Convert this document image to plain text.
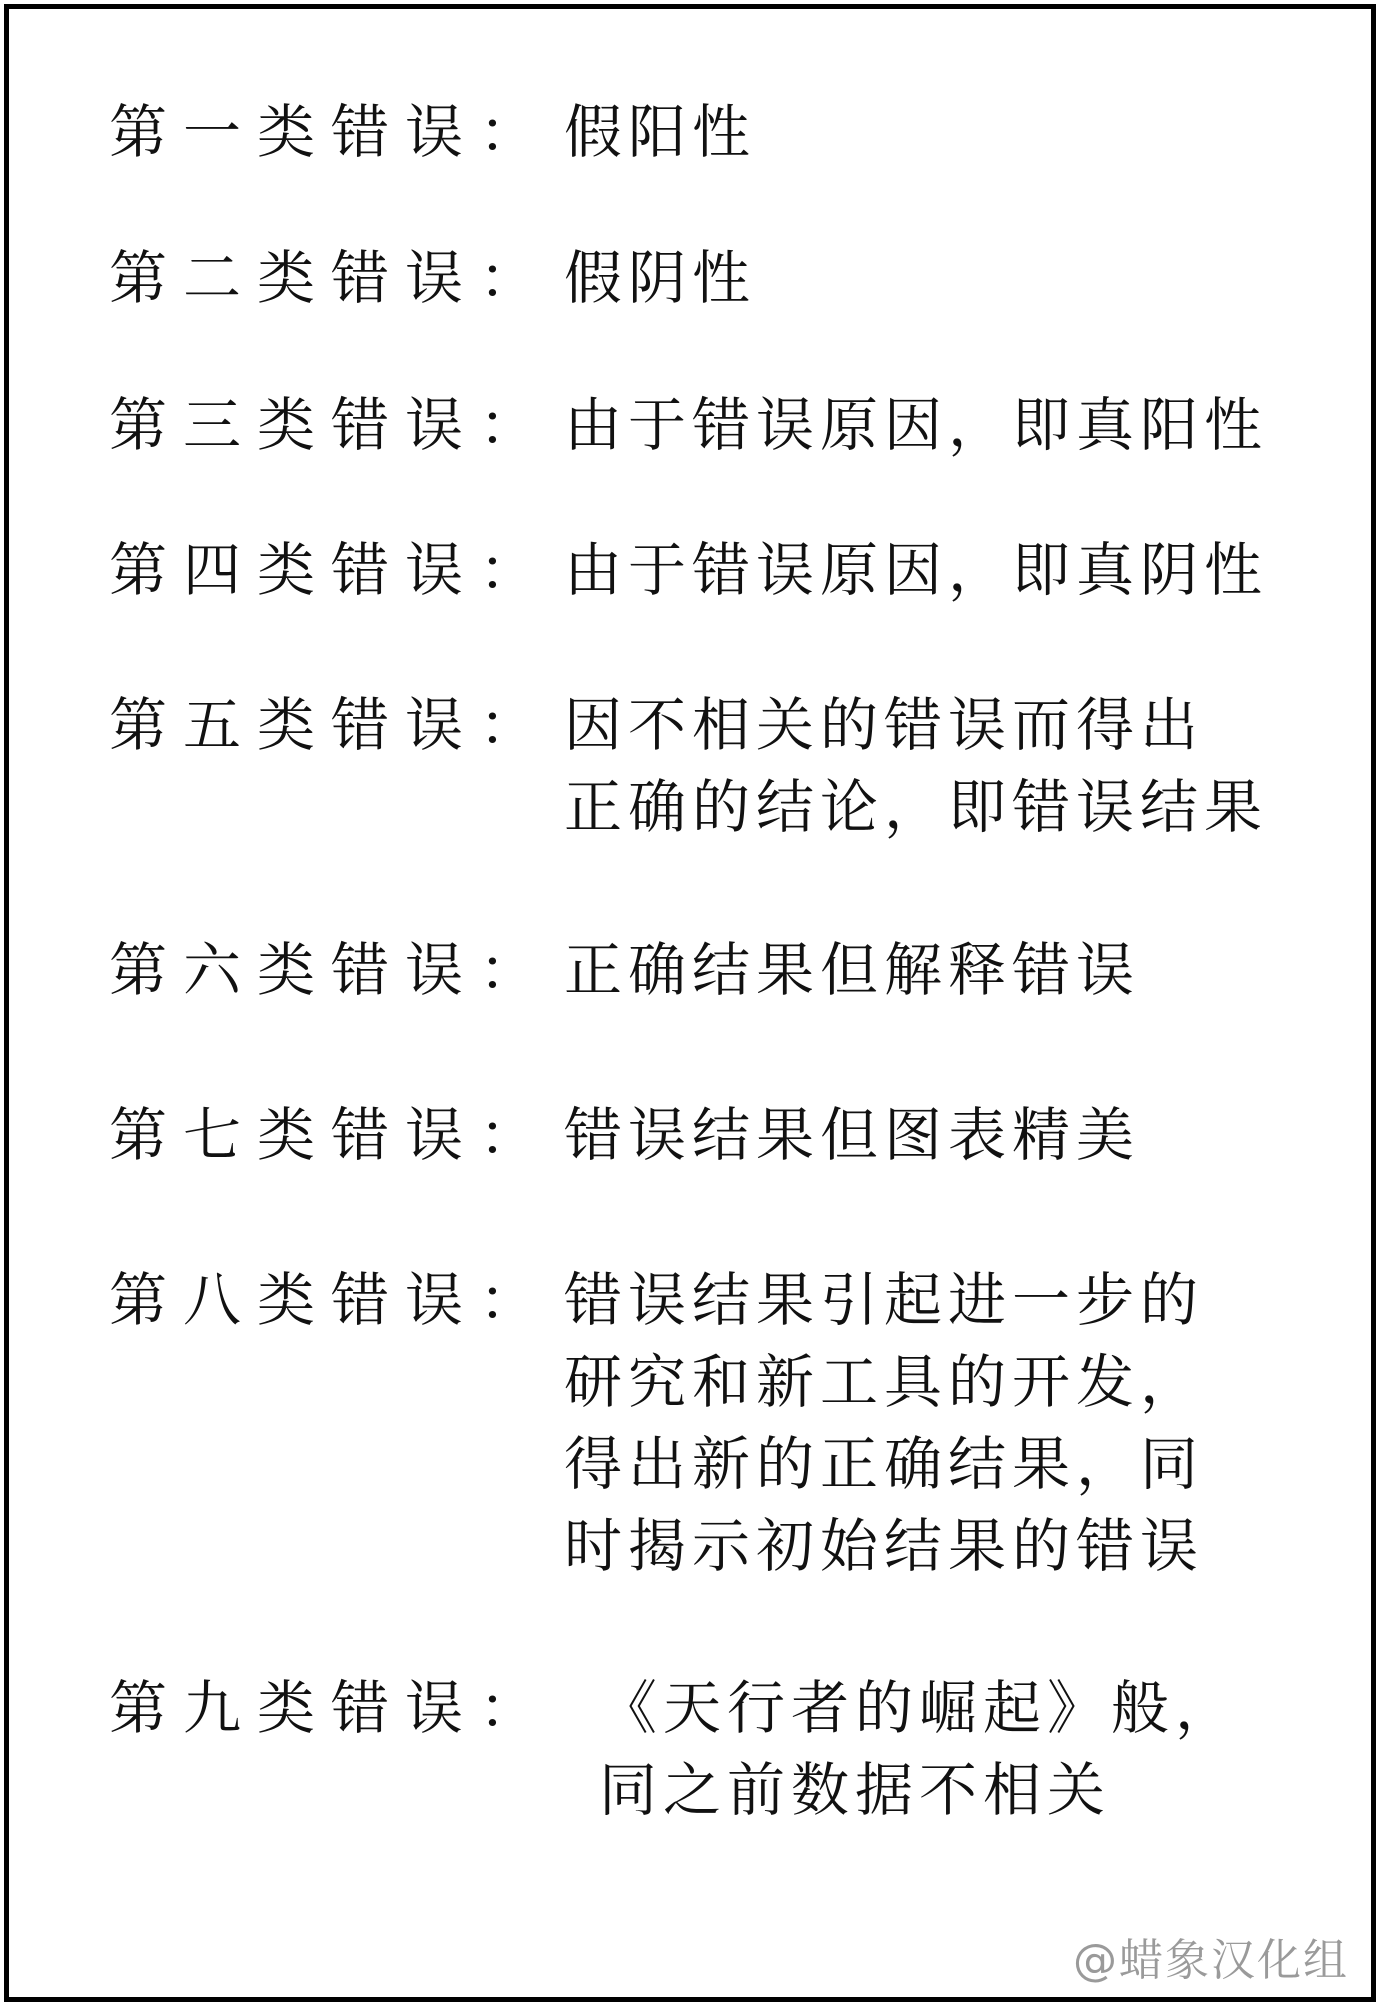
第一类错误： 假阳性
第二类错误： 假阴性
第三类错误： 由于错误原因，即真阳性
第四类错误： 由于错误原因，即真阴性
第五类错误： 因不相关的错误而得出
正确的结论，即错误结果
第六类错误： 正确结果但解释错误
第七类错误： 错误结果但图表精美
第八类错误： 错误结果引起进一步的
研究和新工具的开发，
得出新的正确结果，同
时揭示初始结果的错误
第九类错误： 《天行者的崛起》般，
同之前数据不相关
@蜡象汉化组
